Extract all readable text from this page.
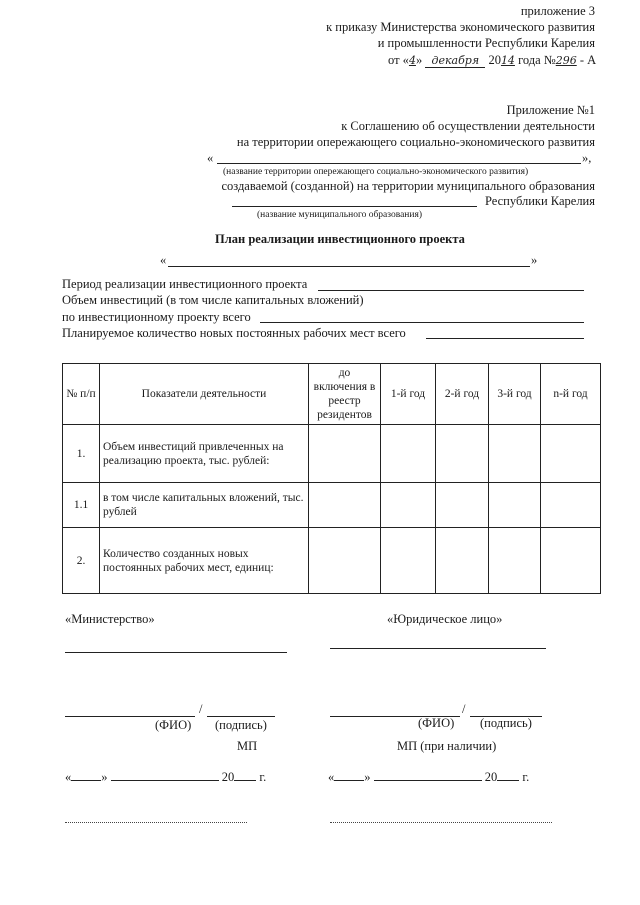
приложение 3
к приказу Министерства экономического развития
и промышленности Республики Карелия
от «4» декабря 2014 года №296 - А
Приложение №1
к Соглашению об осуществлении деятельности
на территории опережающего социально-экономического развития
«	»,
(название территории опережающего социально-экономического развития)
создаваемой (созданной) на территории муниципального образования
Республики Карелия
(название муниципального образования)
План реализации инвестиционного проекта
«	»
Период реализации инвестиционного проекта
Объем инвестиций (в том числе капитальных вложений)
по инвестиционному проекту всего
Планируемое количество новых постоянных рабочих мест всего
№ п/п	Показатели деятельности	до включения в реестр резидентов	1-й год	2-й год	3-й год	n-й год
1.	Объем инвестиций привлеченных на реализацию проекта, тыс. рублей:					
1.1	в том числе капитальных вложений, тыс. рублей					
2.	Количество созданных новых постоянных рабочих мест, единиц:					
«Министерство»	«Юридическое лицо»
/
(ФИО) (подпись)
/
(ФИО) (подпись)
МП	МП (при наличии)
« »	20 г.	« »	20 г.
